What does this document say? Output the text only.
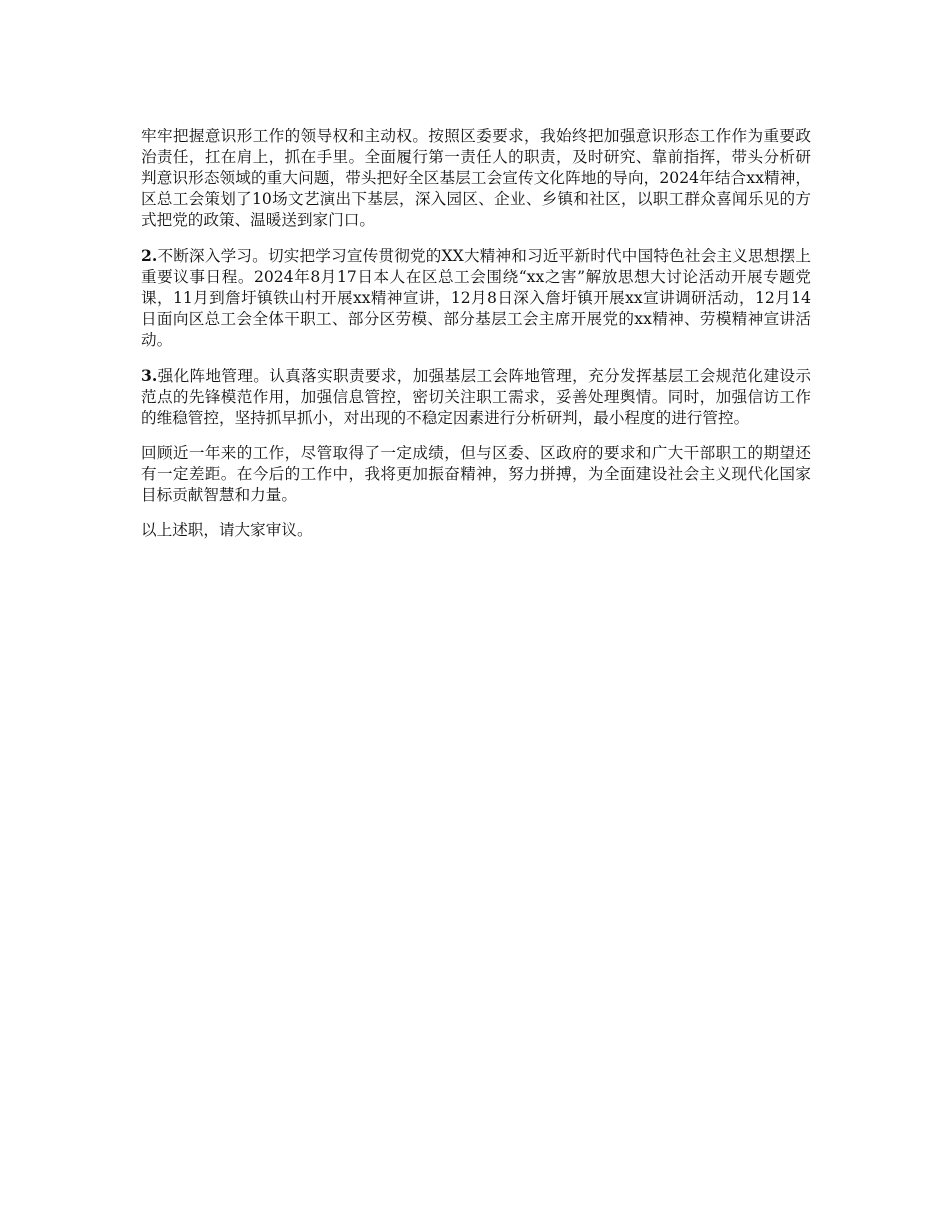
牢牢把握意识形工作的领导权和主动权。按照区委要求，我始终把加强意识形态工作作为重要政治责任，扛在肩上，抓在手里。全面履行第一责任人的职责，及时研究、靠前指挥，带头分析研判意识形态领域的重大问题，带头把好全区基层工会宣传文化阵地的导向，2024年结合xx精神，区总工会策划了10场文艺演出下基层，深入园区、企业、乡镇和社区，以职工群众喜闻乐见的方式把党的政策、温暖送到家门口。

2.不断深入学习。切实把学习宣传贯彻党的XX大精神和习近平新时代中国特色社会主义思想摆上重要议事日程。2024年8月17日本人在区总工会围绕“xx之害”解放思想大讨论活动开展专题党课，11月到詹圩镇铁山村开展xx精神宣讲，12月8日深入詹圩镇开展xx宣讲调研活动，12月14日面向区总工会全体干职工、部分区劳模、部分基层工会主席开展党的xx精神、劳模精神宣讲活动。

3.强化阵地管理。认真落实职责要求，加强基层工会阵地管理，充分发挥基层工会规范化建设示范点的先锋模范作用，加强信息管控，密切关注职工需求，妥善处理舆情。同时，加强信访工作的维稳管控，坚持抓早抓小，对出现的不稳定因素进行分析研判，最小程度的进行管控。

回顾近一年来的工作，尽管取得了一定成绩，但与区委、区政府的要求和广大干部职工的期望还有一定差距。在今后的工作中，我将更加振奋精神，努力拼搏，为全面建设社会主义现代化国家目标贡献智慧和力量。

以上述职，请大家审议。
